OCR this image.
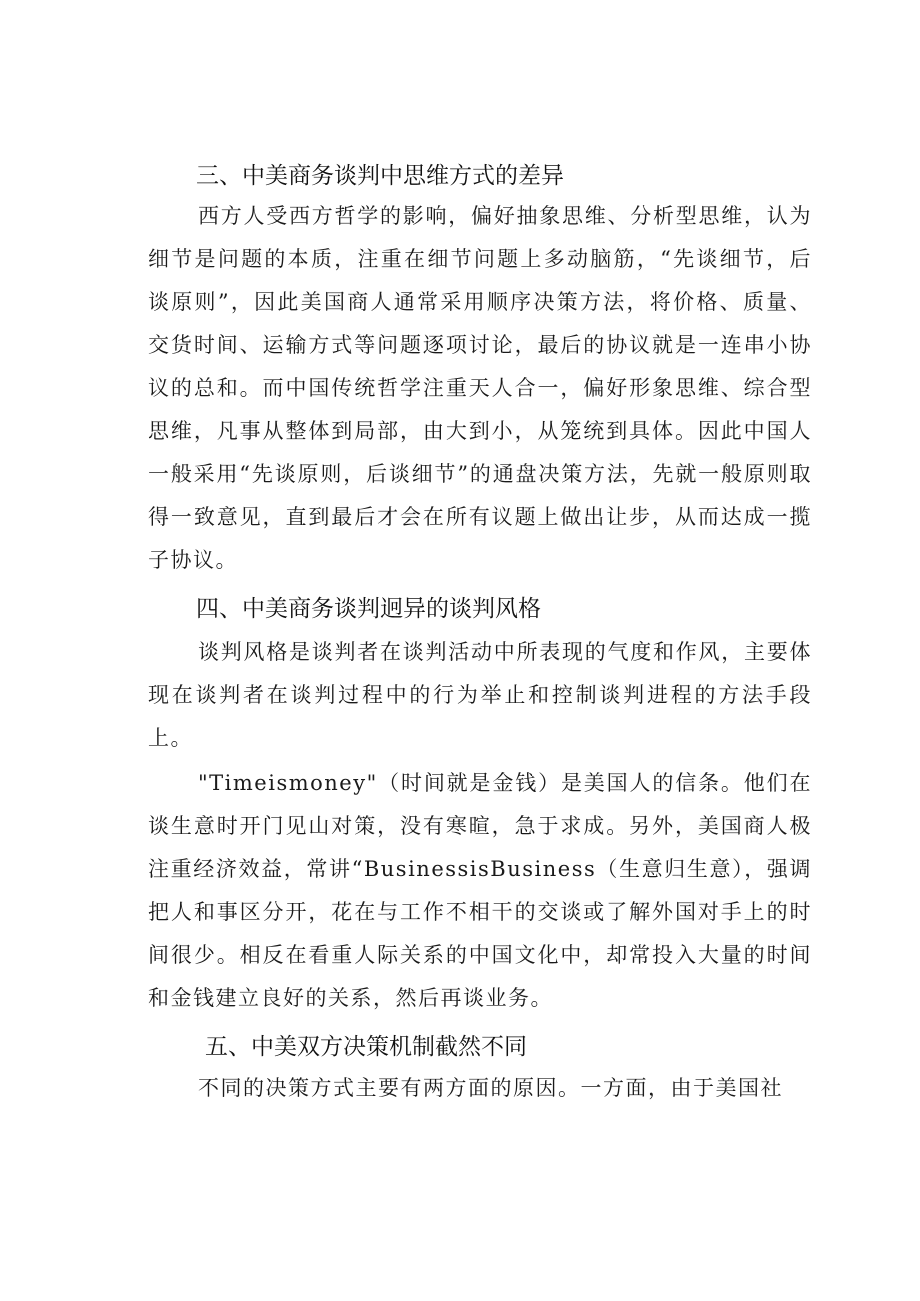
三、中美商务谈判中思维方式的差异

西方人受西方哲学的影响，偏好抽象思维、分析型思维，认为细节是问题的本质，注重在细节问题上多动脑筋，“先谈细节，后谈原则”，因此美国商人通常采用顺序决策方法，将价格、质量、交货时间、运输方式等问题逐项讨论，最后的协议就是一连串小协议的总和。而中国传统哲学注重天人合一，偏好形象思维、综合型思维，凡事从整体到局部，由大到小，从笼统到具体。因此中国人一般采用“先谈原则，后谈细节”的通盘决策方法，先就一般原则取得一致意见，直到最后才会在所有议题上做出让步，从而达成一揽子协议。

四、中美商务谈判迥异的谈判风格

谈判风格是谈判者在谈判活动中所表现的气度和作风，主要体现在谈判者在谈判过程中的行为举止和控制谈判进程的方法手段上。

"Timeismoney"（时间就是金钱）是美国人的信条。他们在谈生意时开门见山对策，没有寒暄，急于求成。另外，美国商人极注重经济效益，常讲“BusinessisBusiness（生意归生意），强调把人和事区分开，花在与工作不相干的交谈或了解外国对手上的时间很少。相反在看重人际关系的中国文化中，却常投入大量的时间和金钱建立良好的关系，然后再谈业务。

五、中美双方决策机制截然不同

不同的决策方式主要有两方面的原因。一方面，由于美国社
